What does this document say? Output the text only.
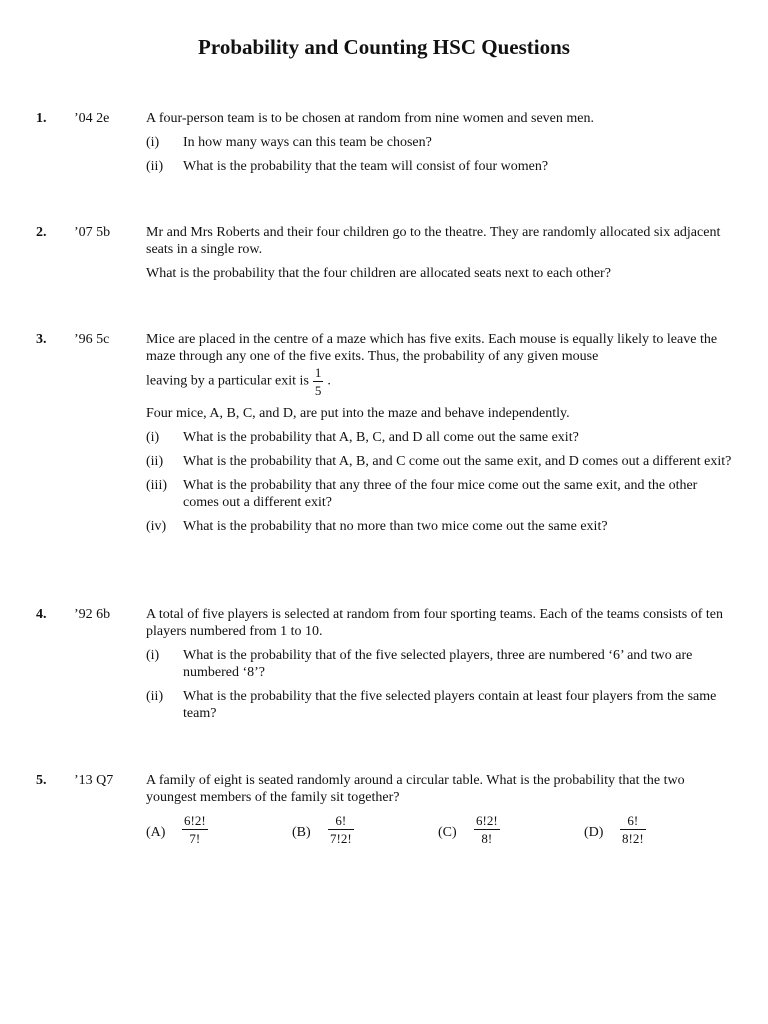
Probability and Counting HSC Questions
1. ’04 2e	A four-person team is to be chosen at random from nine women and seven men.
(i) In how many ways can this team be chosen?
(ii) What is the probability that the team will consist of four women?
2. ’07 5b	Mr and Mrs Roberts and their four children go to the theatre. They are randomly allocated six adjacent seats in a single row.
What is the probability that the four children are allocated seats next to each other?
3. ’96 5c	Mice are placed in the centre of a maze which has five exits. Each mouse is equally likely to leave the maze through any one of the five exits. Thus, the probability of any given mouse
leaving by a particular exit is $\frac{1}{5}$ .
Four mice, A, B, C, and D, are put into the maze and behave independently.
(i) What is the probability that A, B, C, and D all come out the same exit?
(ii) What is the probability that A, B, and C come out the same exit, and D comes out a different exit?
(iii) What is the probability that any three of the four mice come out the same exit, and the other comes out a different exit?
(iv) What is the probability that no more than two mice come out the same exit?
4. ’92 6b	A total of five players is selected at random from four sporting teams. Each of the teams consists of ten players numbered from 1 to 10.
(i) What is the probability that of the five selected players, three are numbered ‘6’ and two are numbered ‘8’?
(ii) What is the probability that the five selected players contain at least four players from the same team?
5. ’13 Q7 A family of eight is seated randomly around a circular table. What is the probability that the two youngest members of the family sit together?
$(A) \frac{6!2!}{7!}$	$(B) \frac{6!}{7!2!}$	$(C) \frac{6!2!}{8!}$	$(D) \frac{6!}{8!2!}$
